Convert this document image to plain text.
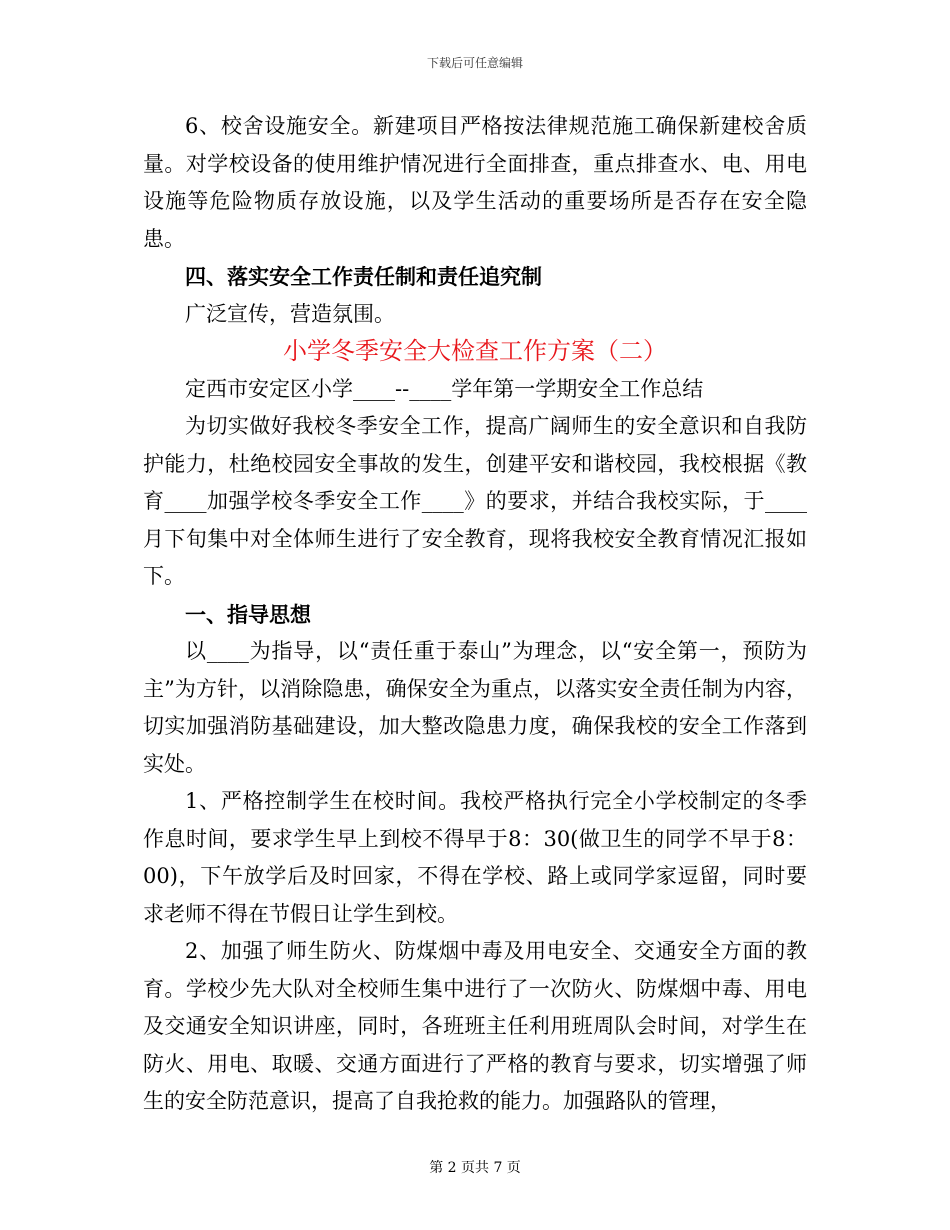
下载后可任意编辑

6、校舍设施安全。新建项目严格按法律规范施工确保新建校舍质量。对学校设备的使用维护情况进行全面排查，重点排查水、电、用电设施等危险物质存放设施，以及学生活动的重要场所是否存在安全隐患。

四、落实安全工作责任制和责任追究制

广泛宣传，营造氛围。

小学冬季安全大检查工作方案（二）

定西市安定区小学____--____学年第一学期安全工作总结

为切实做好我校冬季安全工作，提高广阔师生的安全意识和自我防护能力，杜绝校园安全事故的发生，创建平安和谐校园，我校根据《教育____加强学校冬季安全工作____》的要求，并结合我校实际，于____月下旬集中对全体师生进行了安全教育，现将我校安全教育情况汇报如下。

一、指导思想

以____为指导，以“责任重于泰山”为理念，以“安全第一，预防为主”为方针，以消除隐患，确保安全为重点，以落实安全责任制为内容，切实加强消防基础建设，加大整改隐患力度，确保我校的安全工作落到实处。

1、严格控制学生在校时间。我校严格执行完全小学校制定的冬季作息时间，要求学生早上到校不得早于8：30(做卫生的同学不早于8：00)，下午放学后及时回家，不得在学校、路上或同学家逗留，同时要求老师不得在节假日让学生到校。

2、加强了师生防火、防煤烟中毒及用电安全、交通安全方面的教育。学校少先大队对全校师生集中进行了一次防火、防煤烟中毒、用电及交通安全知识讲座，同时，各班班主任利用班周队会时间，对学生在防火、用电、取暖、交通方面进行了严格的教育与要求，切实增强了师生的安全防范意识，提高了自我抢救的能力。加强路队的管理，

第 2 页共 7 页
